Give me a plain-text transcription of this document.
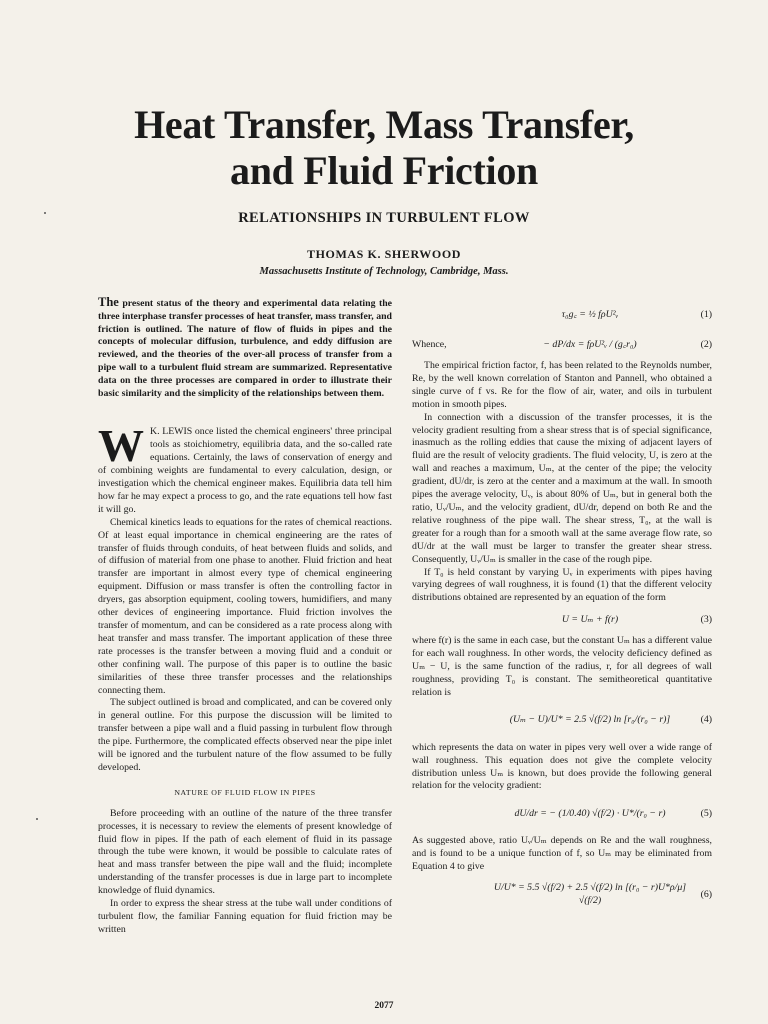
Heat Transfer, Mass Transfer,
and Fluid Friction
RELATIONSHIPS IN TURBULENT FLOW
THOMAS K. SHERWOOD
Massachusetts Institute of Technology, Cambridge, Mass.
The present status of the theory and experimental data relating the three interphase transfer processes of heat transfer, mass transfer, and friction is outlined. The nature of flow of fluids in pipes and the concepts of molecular diffusion, turbulence, and eddy diffusion are reviewed, and the theories of the over-all process of transfer from a pipe wall to a turbulent fluid stream are summarized. Representative data on the three processes are compared in order to illustrate their basic similarity and the simplicity of the relationships between them.

W K. LEWIS once listed the chemical engineers' three principal tools as stoichiometry, equilibria data, and the so-called rate equations. Certainly, the laws of conservation of energy and of combining weights are fundamental to every calculation, design, or investigation which the chemical engineer makes. Equilibria data tell him how far he may expect a process to go, and the rate equations tell how fast it will go.

Chemical kinetics leads to equations for the rates of chemical reactions. Of at least equal importance in chemical engineering are the rates of transfer of fluids through conduits, of heat between fluids and solids, and of diffusion of material from one phase to another. Fluid friction and heat transfer are important in almost every type of chemical engineering equipment. Diffusion or mass transfer is often the controlling factor in dryers, gas absorption equipment, cooling towers, humidifiers, and many other devices of engineering importance. Fluid friction involves the transfer of momentum, and can be considered as a rate process along with heat transfer and mass transfer. The important application of these three rate processes is the transfer between a moving fluid and a conduit or other confining wall. The purpose of this paper is to outline the basic similarities of these three transfer processes and the relationships connecting them.

The subject outlined is broad and complicated, and can be covered only in general outline. For this purpose the discussion will be limited to transfer between a pipe wall and a fluid passing in turbulent flow through the pipe. Furthermore, the complicated effects observed near the pipe inlet will be ignored and the turbulent nature of the flow assumed to be fully developed.

NATURE OF FLUID FLOW IN PIPES

Before proceeding with an outline of the nature of the three transfer processes, it is necessary to review the elements of present knowledge of fluid flow in pipes. If the path of each element of fluid in its passage through the tube were known, it would be possible to calculate rates of heat and mass transfer between the pipe wall and the fluid; incomplete understanding of the transfer processes is due in large part to incomplete knowledge of fluid dynamics.

In order to express the shear stress at the tube wall under conditions of turbulent flow, the familiar Fanning equation for fluid friction may be written

τ₀g꜀ = ½ fρU²ᵥ	(1)
Whence,	− dP/dx = fρU²ᵥ / (g꜀r₀)	(2)

The empirical friction factor, f, has been related to the Reynolds number, Re, by the well known correlation of Stanton and Pannell, who obtained a single curve of f vs. Re for the flow of air, water, and oils in turbulent motion in smooth pipes.

In connection with a discussion of the transfer processes, it is the velocity gradient resulting from a shear stress that is of special significance, inasmuch as the rolling eddies that cause the mixing of adjacent layers of fluid are the result of velocity gradients. The fluid velocity, U, is zero at the wall and reaches a maximum, Uₘ, at the center of the pipe; the velocity gradient, dU/dr, is zero at the center and a maximum at the wall. In smooth pipes the average velocity, Uᵥ, is about 80% of Uₘ, but in general both the ratio, Uᵥ/Uₘ, and the velocity gradient, dU/dr, depend on both Re and the relative roughness of the pipe wall. The shear stress, T₀, at the wall is greater for a rough than for a smooth wall at the same average flow rate, so dU/dr at the wall must be larger to transfer the greater shear stress. Consequently, Uᵥ/Uₘ is smaller in the case of the rough pipe.

If T₀ is held constant by varying Uᵥ in experiments with pipes having varying degrees of wall roughness, it is found (1) that the different velocity distributions obtained are represented by an equation of the form

U = Uₘ + f(r)	(3)

where f(r) is the same in each case, but the constant Uₘ has a different value for each wall roughness. In other words, the velocity deficiency defined as Uₘ − U, is the same function of the radius, r, for all degrees of wall roughness, providing T₀ is constant. The semitheoretical quantitative relation is

(Uₘ − U)/U* = 2.5 √(f/2) ln [r₀/(r₀ − r)]	(4)

which represents the data on water in pipes very well over a wide range of wall roughness. This equation does not give the complete velocity distribution unless Uₘ is known, but does provide the following general relation for the velocity gradient:

dU/dr = − (1/0.40) √(f/2) · U*/(r₀ − r)	(5)

As suggested above, ratio Uᵥ/Uₘ depends on Re and the wall roughness, and is found to be a unique function of f, so Uₘ may be eliminated from Equation 4 to give

U/U* = 5.5 √(f/2) + 2.5 √(f/2) ln [(r₀ − r)U*ρ/μ] √(f/2)
(6)
2077
